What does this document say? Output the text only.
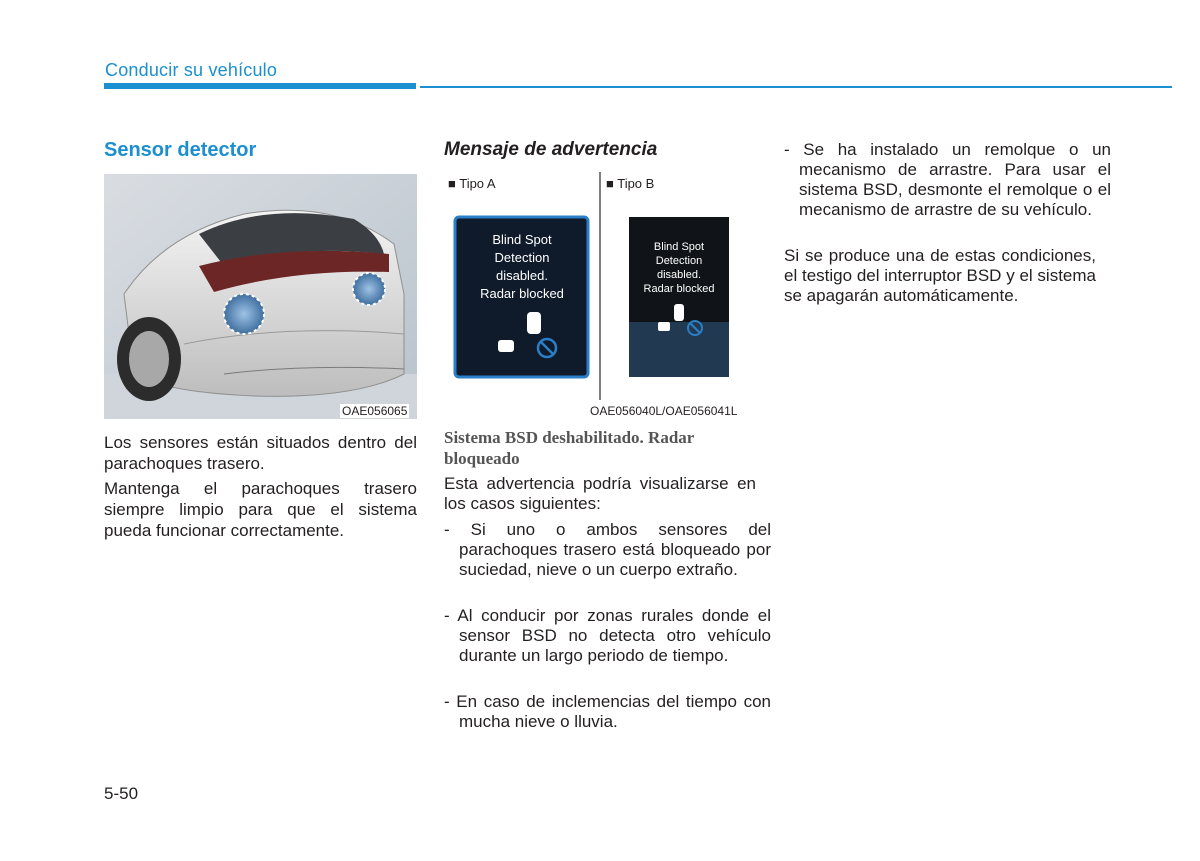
Conducir su vehículo
Sensor detector
OAE056065
Los sensores están situados dentro del parachoques trasero.
Mantenga el parachoques trasero siempre limpio para que el sistema pueda funcionar correctamente.
Mensaje de advertencia
■ Tipo A	■ Tipo B
Blind Spot
Detection
disabled.
Radar blocked
Blind Spot
Detection
disabled.
Radar blocked
OAE056040L/OAE056041L
Sistema BSD deshabilitado. Radar bloqueado
Esta advertencia podría visualizarse en los casos siguientes:
- Si uno o ambos sensores del parachoques trasero está bloqueado por suciedad, nieve o un cuerpo extraño.
- Al conducir por zonas rurales donde el sensor BSD no detecta otro vehículo durante un largo periodo de tiempo.
- En caso de inclemencias del tiempo con mucha nieve o lluvia.
- Se ha instalado un remolque o un mecanismo de arrastre. Para usar el sistema BSD, desmonte el remolque o el mecanismo de arrastre de su vehículo.
Si se produce una de estas condiciones, el testigo del interruptor BSD y el sistema se apagarán automáticamente.
5-50
